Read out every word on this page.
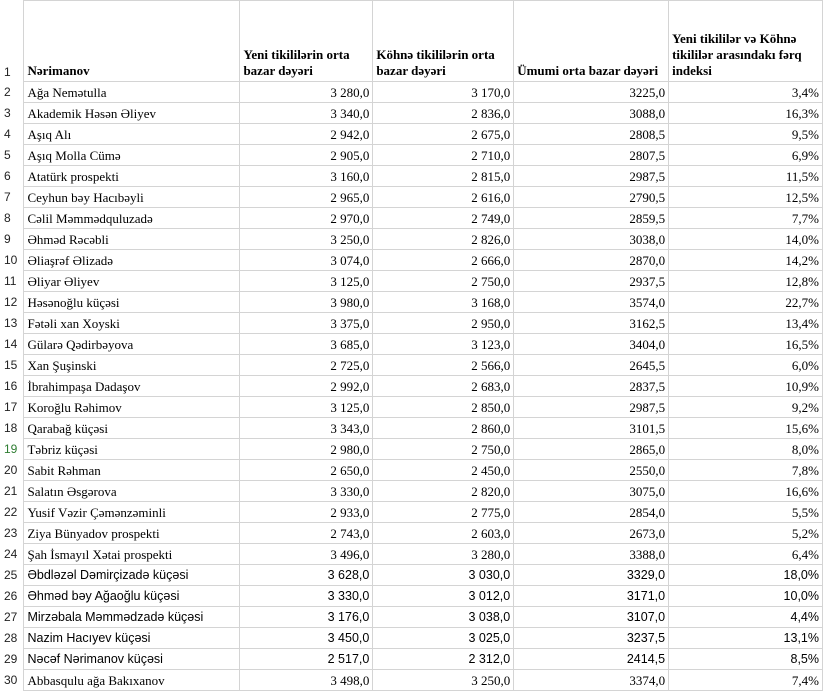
1	Nərimanov	Yeni tikililərin orta bazar dəyəri	Köhnə tikililərin orta bazar dəyəri	Ümumi orta bazar dəyəri	Yeni tikililər və Köhnə tikililər arasındakı fərq indeksi
2	Ağa Nemətulla	3 280,0	3 170,0	3225,0	3,4%
3	Akademik Həsən Əliyev	3 340,0	2 836,0	3088,0	16,3%
4	Aşıq Alı	2 942,0	2 675,0	2808,5	9,5%
5	Aşıq Molla Cümə	2 905,0	2 710,0	2807,5	6,9%
6	Atatürk prospekti	3 160,0	2 815,0	2987,5	11,5%
7	Ceyhun bəy Hacıbəyli	2 965,0	2 616,0	2790,5	12,5%
8	Cəlil Məmmədquluzadə	2 970,0	2 749,0	2859,5	7,7%
9	Əhməd Rəcəbli	3 250,0	2 826,0	3038,0	14,0%
10	Əliaşrəf Əlizadə	3 074,0	2 666,0	2870,0	14,2%
11	Əliyar Əliyev	3 125,0	2 750,0	2937,5	12,8%
12	Həsənoğlu küçəsi	3 980,0	3 168,0	3574,0	22,7%
13	Fətəli xan Xoyski	3 375,0	2 950,0	3162,5	13,4%
14	Gülarə Qədirbəyova	3 685,0	3 123,0	3404,0	16,5%
15	Xan Şuşinski	2 725,0	2 566,0	2645,5	6,0%
16	İbrahimpaşa Dadaşov	2 992,0	2 683,0	2837,5	10,9%
17	Koroğlu Rəhimov	3 125,0	2 850,0	2987,5	9,2%
18	Qarabağ küçəsi	3 343,0	2 860,0	3101,5	15,6%
19	Təbriz küçəsi	2 980,0	2 750,0	2865,0	8,0%
20	Sabit Rəhman	2 650,0	2 450,0	2550,0	7,8%
21	Salatın Əsgərova	3 330,0	2 820,0	3075,0	16,6%
22	Yusif Vəzir Çəmənzəminli	2 933,0	2 775,0	2854,0	5,5%
23	Ziya Bünyadov prospekti	2 743,0	2 603,0	2673,0	5,2%
24	Şah İsmayıl Xətai prospekti	3 496,0	3 280,0	3388,0	6,4%
25	Əbdləzəl Dəmirçizadə küçəsi	3 628,0	3 030,0	3329,0	18,0%
26	Əhməd bəy Ağaoğlu küçəsi	3 330,0	3 012,0	3171,0	10,0%
27	Mirzəbala Məmmədzadə küçəsi	3 176,0	3 038,0	3107,0	4,4%
28	Nazim Hacıyev küçəsi	3 450,0	3 025,0	3237,5	13,1%
29	Nəcəf Nərimanov küçəsi	2 517,0	2 312,0	2414,5	8,5%
30	Abbasqulu ağa Bakıxanov	3 498,0	3 250,0	3374,0	7,4%
